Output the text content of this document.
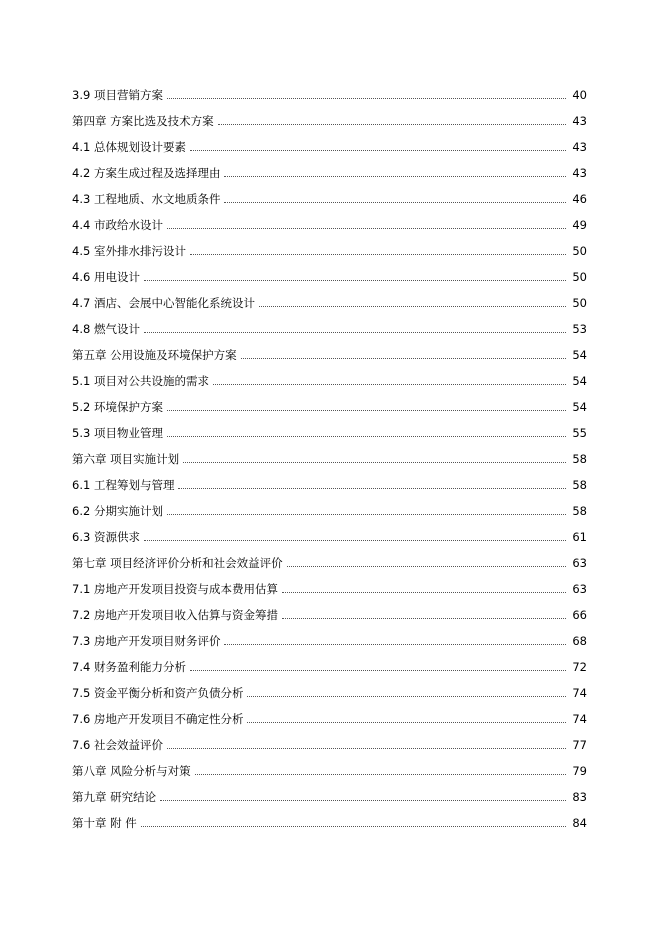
3.9 项目营销方案	40
第四章 方案比选及技术方案	43
4.1 总体规划设计要素	43
4.2 方案生成过程及选择理由	43
4.3 工程地质、水文地质条件	46
4.4 市政给水设计	49
4.5 室外排水排污设计	50
4.6 用电设计	50
4.7 酒店、会展中心智能化系统设计	50
4.8 燃气设计	53
第五章 公用设施及环境保护方案	54
5.1 项目对公共设施的需求	54
5.2 环境保护方案	54
5.3 项目物业管理	55
第六章 项目实施计划	58
6.1 工程筹划与管理	58
6.2 分期实施计划	58
6.3 资源供求	61
第七章 项目经济评价分析和社会效益评价	63
7.1 房地产开发项目投资与成本费用估算	63
7.2 房地产开发项目收入估算与资金筹措	66
7.3 房地产开发项目财务评价	68
7.4 财务盈利能力分析	72
7.5 资金平衡分析和资产负债分析	74
7.6 房地产开发项目不确定性分析	74
7.6 社会效益评价	77
第八章 风险分析与对策	79
第九章 研究结论	83
第十章 附 件	84
